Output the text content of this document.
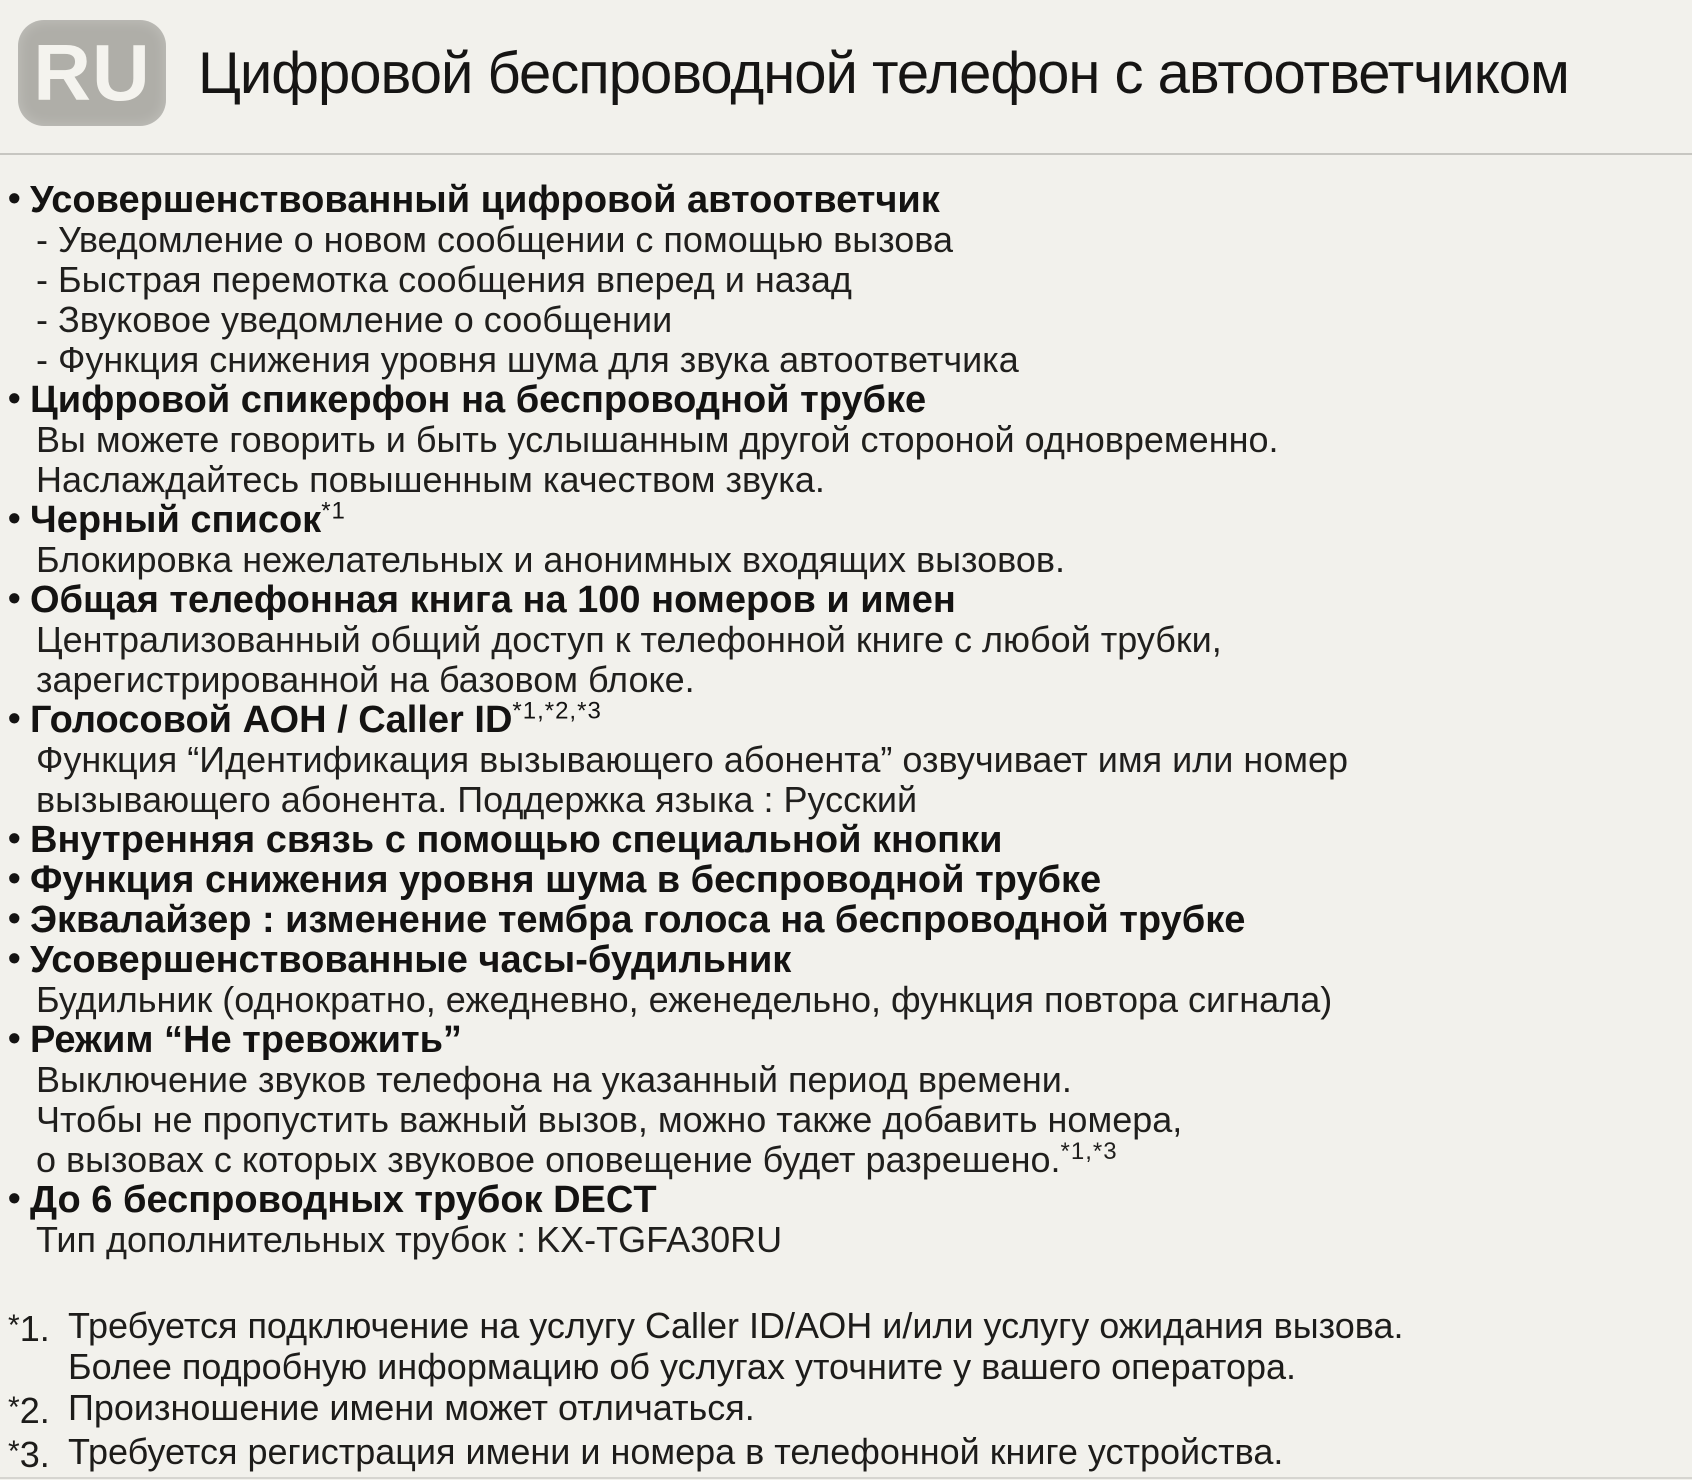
RU Цифровой беспроводной телефон с автоответчиком
• Усовершенствованный цифровой автоответчик
- Уведомление о новом сообщении с помощью вызова
- Быстрая перемотка сообщения вперед и назад
- Звуковое уведомление о сообщении
- Функция снижения уровня шума для звука автоответчика
• Цифровой спикерфон на беспроводной трубке
Вы можете говорить и быть услышанным другой стороной одновременно.
Наслаждайтесь повышенным качеством звука.
• Черный список$^{*1}$
Блокировка нежелательных и анонимных входящих вызовов.
• Общая телефонная книга на 100 номеров и имен
Централизованный общий доступ к телефонной книге с любой трубки,
зарегистрированной на базовом блоке.
• Голосовой АОН / Caller ID$^{*1,*2,*3}$
Функция “Идентификация вызывающего абонента” озвучивает имя или номер
вызывающего абонента. Поддержка языка : Русский
• Внутренняя связь с помощью специальной кнопки
• Функция снижения уровня шума в беспроводной трубке
• Эквалайзер : изменение тембра голоса на беспроводной трубке
• Усовершенствованные часы-будильник
Будильник (однократно, ежедневно, еженедельно, функция повтора сигнала)
• Режим “Не тревожить”
Выключение звуков телефона на указанный период времени.
Чтобы не пропустить важный вызов, можно также добавить номера,
о вызовах с которых звуковое оповещение будет разрешено.$^{*1,*3}$
• До 6 беспроводных трубок DECT
Тип дополнительных трубок : KX-TGFA30RU
*1. Требуется подключение на услугу Caller ID/АОН и/или услугу ожидания вызова.
Более подробную информацию об услугах уточните у вашего оператора.
*2. Произношение имени может отличаться.
*3. Требуется регистрация имени и номера в телефонной книге устройства.
